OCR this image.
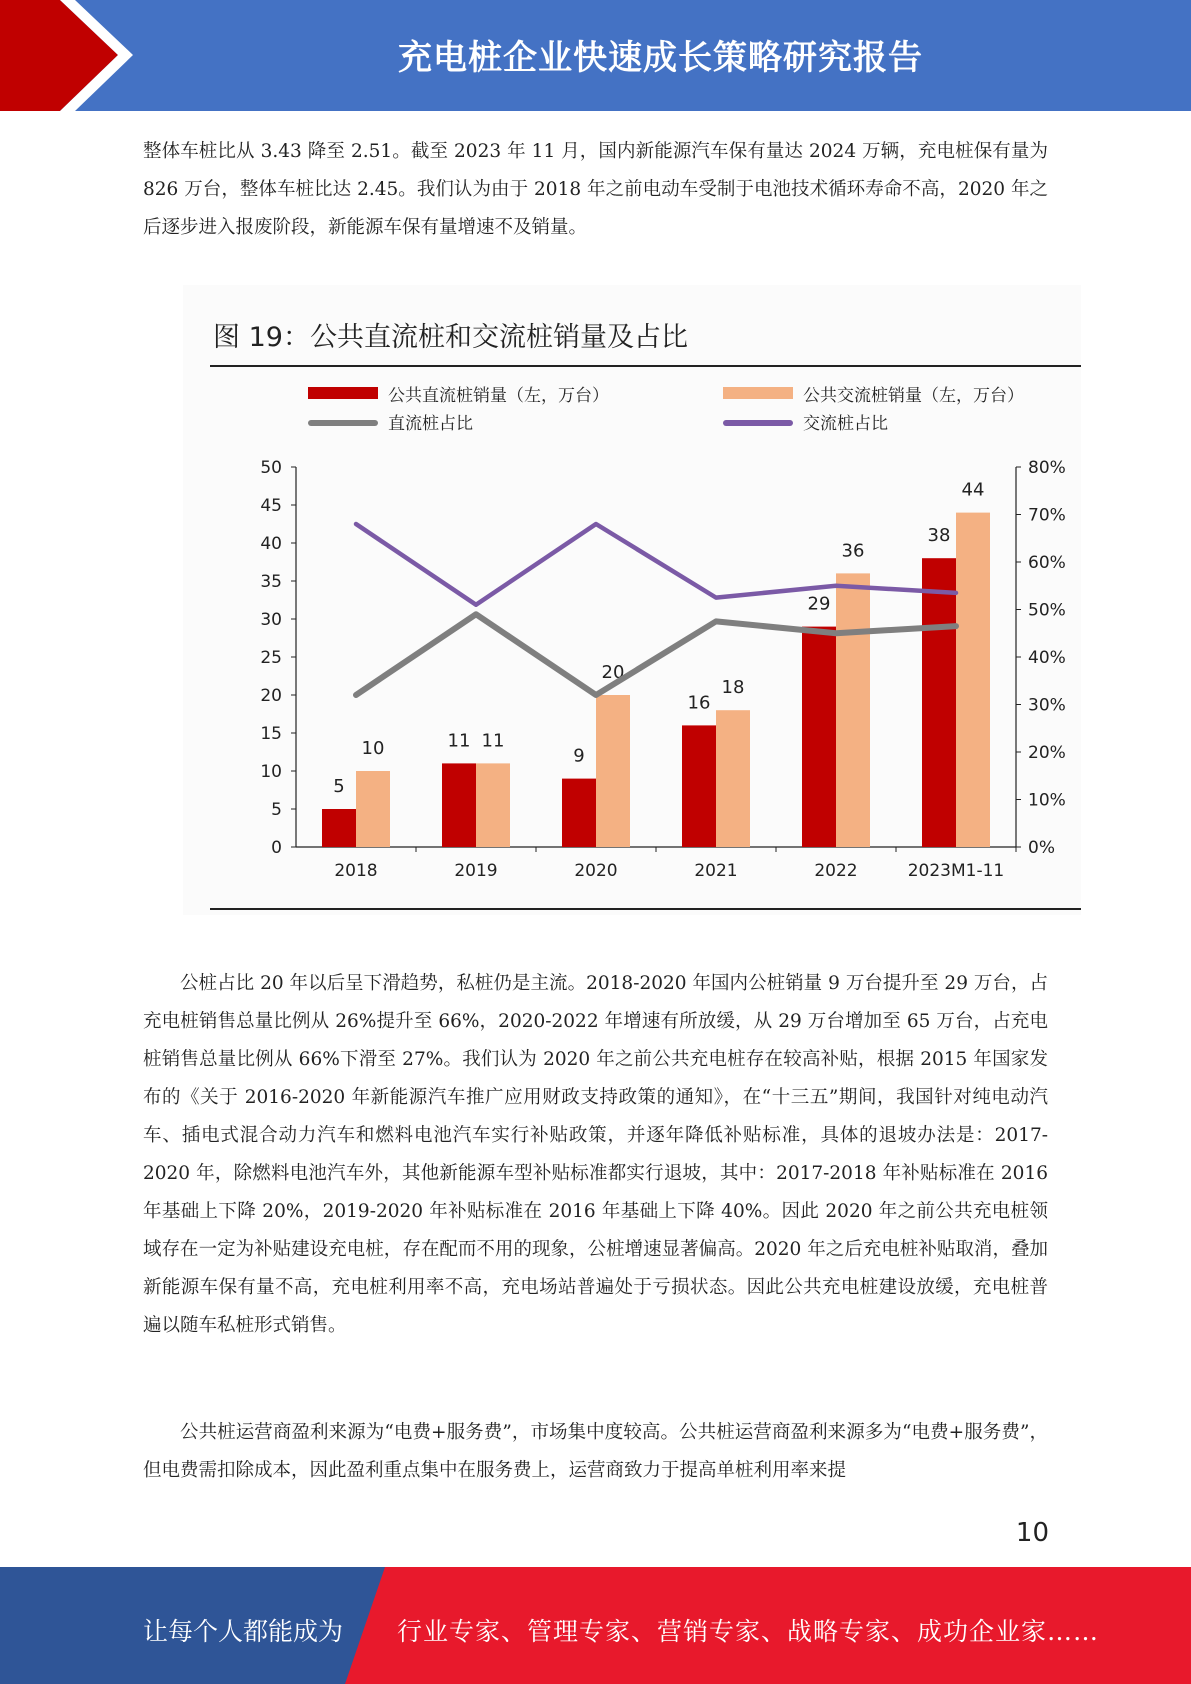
充电桩企业快速成长策略研究报告
整体车桩比从 3.43 降至 2.51。截至 2023 年 11 月，国内新能源汽车保有量达 2024 万辆，充电桩保有量为 826 万台，整体车桩比达 2.45。我们认为由于 2018 年之前电动车受制于电池技术循环寿命不高，2020 年之后逐步进入报废阶段，新能源车保有量增速不及销量。
图 19：公共直流桩和交流桩销量及占比
公共直流桩销量（左，万台）	公共交流桩销量（左，万台）
直流桩占比	交流桩占比
0
5
10
15
20
25
30
35
40
45
50
0%
10%
20%
30%
40%
50%
60%
70%
80%
5
10
2018
11 11
2019
9
20
2020
16
18
2021
29
36
2022
38
44
2023M1-11
公桩占比 20 年以后呈下滑趋势，私桩仍是主流。2018-2020 年国内公桩销量 9 万台提升至 29 万台，占充电桩销售总量比例从 26%提升至 66%，2020-2022 年增速有所放缓，从 29 万台增加至 65 万台，占充电桩销售总量比例从 66%下滑至 27%。我们认为 2020 年之前公共充电桩存在较高补贴，根据 2015 年国家发布的《关于 2016-2020 年新能源汽车推广应用财政支持政策的通知》，在“十三五”期间，我国针对纯电动汽车、插电式混合动力汽车和燃料电池汽车实行补贴政策，并逐年降低补贴标准，具体的退坡办法是：2017-2020 年，除燃料电池汽车外，其他新能源车型补贴标准都实行退坡，其中：2017-2018 年补贴标准在 2016 年基础上下降 20%，2019-2020 年补贴标准在 2016 年基础上下降 40%。因此 2020 年之前公共充电桩领域存在一定为补贴建设充电桩，存在配而不用的现象，公桩增速显著偏高。2020 年之后充电桩补贴取消，叠加新能源车保有量不高，充电桩利用率不高，充电场站普遍处于亏损状态。因此公共充电桩建设放缓，充电桩普遍以随车私桩形式销售。
公共桩运营商盈利来源为“电费+服务费”，市场集中度较高。公共桩运营商盈利来源多为“电费+服务费”，但电费需扣除成本，因此盈利重点集中在服务费上，运营商致力于提高单桩利用率来提
10
让每个人都能成为 行业专家、管理专家、营销专家、战略专家、成功企业家……
